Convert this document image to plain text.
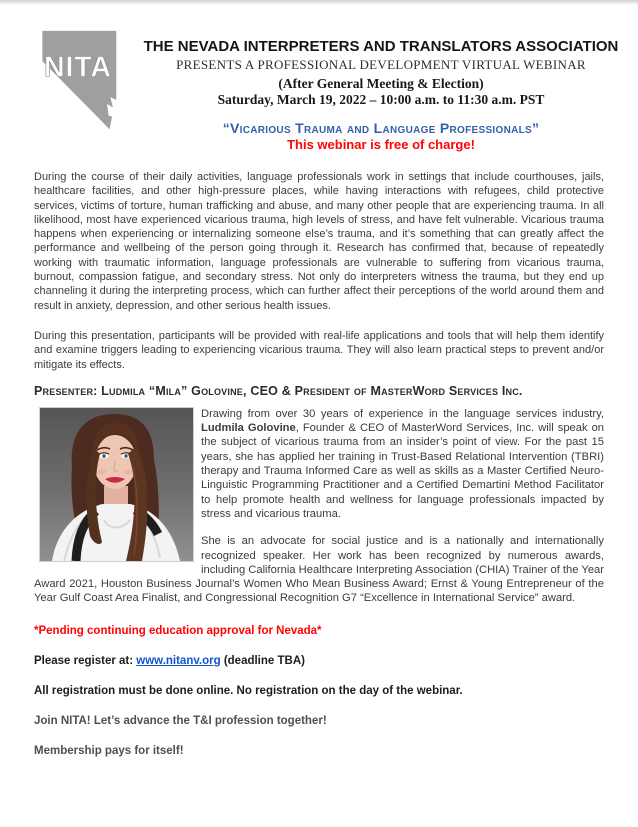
NITA

THE NEVADA INTERPRETERS AND TRANSLATORS ASSOCIATION

PRESENTS A PROFESSIONAL DEVELOPMENT VIRTUAL WEBINAR

(After General Meeting & Election)

Saturday, March 19, 2022 – 10:00 a.m. to 11:30 a.m. PST

“Vicarious Trauma and Language Professionals”

This webinar is free of charge!

During the course of their daily activities, language professionals work in settings that include courthouses, jails, healthcare facilities, and other high-pressure places, while having interactions with refugees, child protective services, victims of torture, human trafficking and abuse, and many other people that are experiencing trauma. In all likelihood, most have experienced vicarious trauma, high levels of stress, and have felt vulnerable. Vicarious trauma happens when experiencing or internalizing someone else’s trauma, and it’s something that can greatly affect the performance and wellbeing of the person going through it. Research has confirmed that, because of repeatedly working with traumatic information, language professionals are vulnerable to suffering from vicarious trauma, burnout, compassion fatigue, and secondary stress. Not only do interpreters witness the trauma, but they end up channeling it during the interpreting process, which can further affect their perceptions of the world around them and result in anxiety, depression, and other serious health issues.

During this presentation, participants will be provided with real-life applications and tools that will help them identify and examine triggers leading to experiencing vicarious trauma. They will also learn practical steps to prevent and/or mitigate its effects.

Presenter: Ludmila “Mila” Golovine, CEO & President of MasterWord Services Inc.

Drawing from over 30 years of experience in the language services industry, Ludmila Golovine, Founder & CEO of MasterWord Services, Inc. will speak on the subject of vicarious trauma from an insider’s point of view. For the past 15 years, she has applied her training in Trust-Based Relational Intervention (TBRI) therapy and Trauma Informed Care as well as skills as a Master Certified Neuro-Linguistic Programming Practitioner and a Certified Demartini Method Facilitator to help promote health and wellness for language professionals impacted by stress and vicarious trauma.

She is an advocate for social justice and is a nationally and internationally recognized speaker. Her work has been recognized by numerous awards, including California Healthcare Interpreting Association (CHIA) Trainer of the Year Award 2021, Houston Business Journal’s Women Who Mean Business Award; Ernst & Young Entrepreneur of the Year Gulf Coast Area Finalist, and Congressional Recognition G7 “Excellence in International Service” award.

*Pending continuing education approval for Nevada*

Please register at: www.nitanv.org (deadline TBA)

All registration must be done online. No registration on the day of the webinar.

Join NITA! Let’s advance the T&I profession together!

Membership pays for itself!
